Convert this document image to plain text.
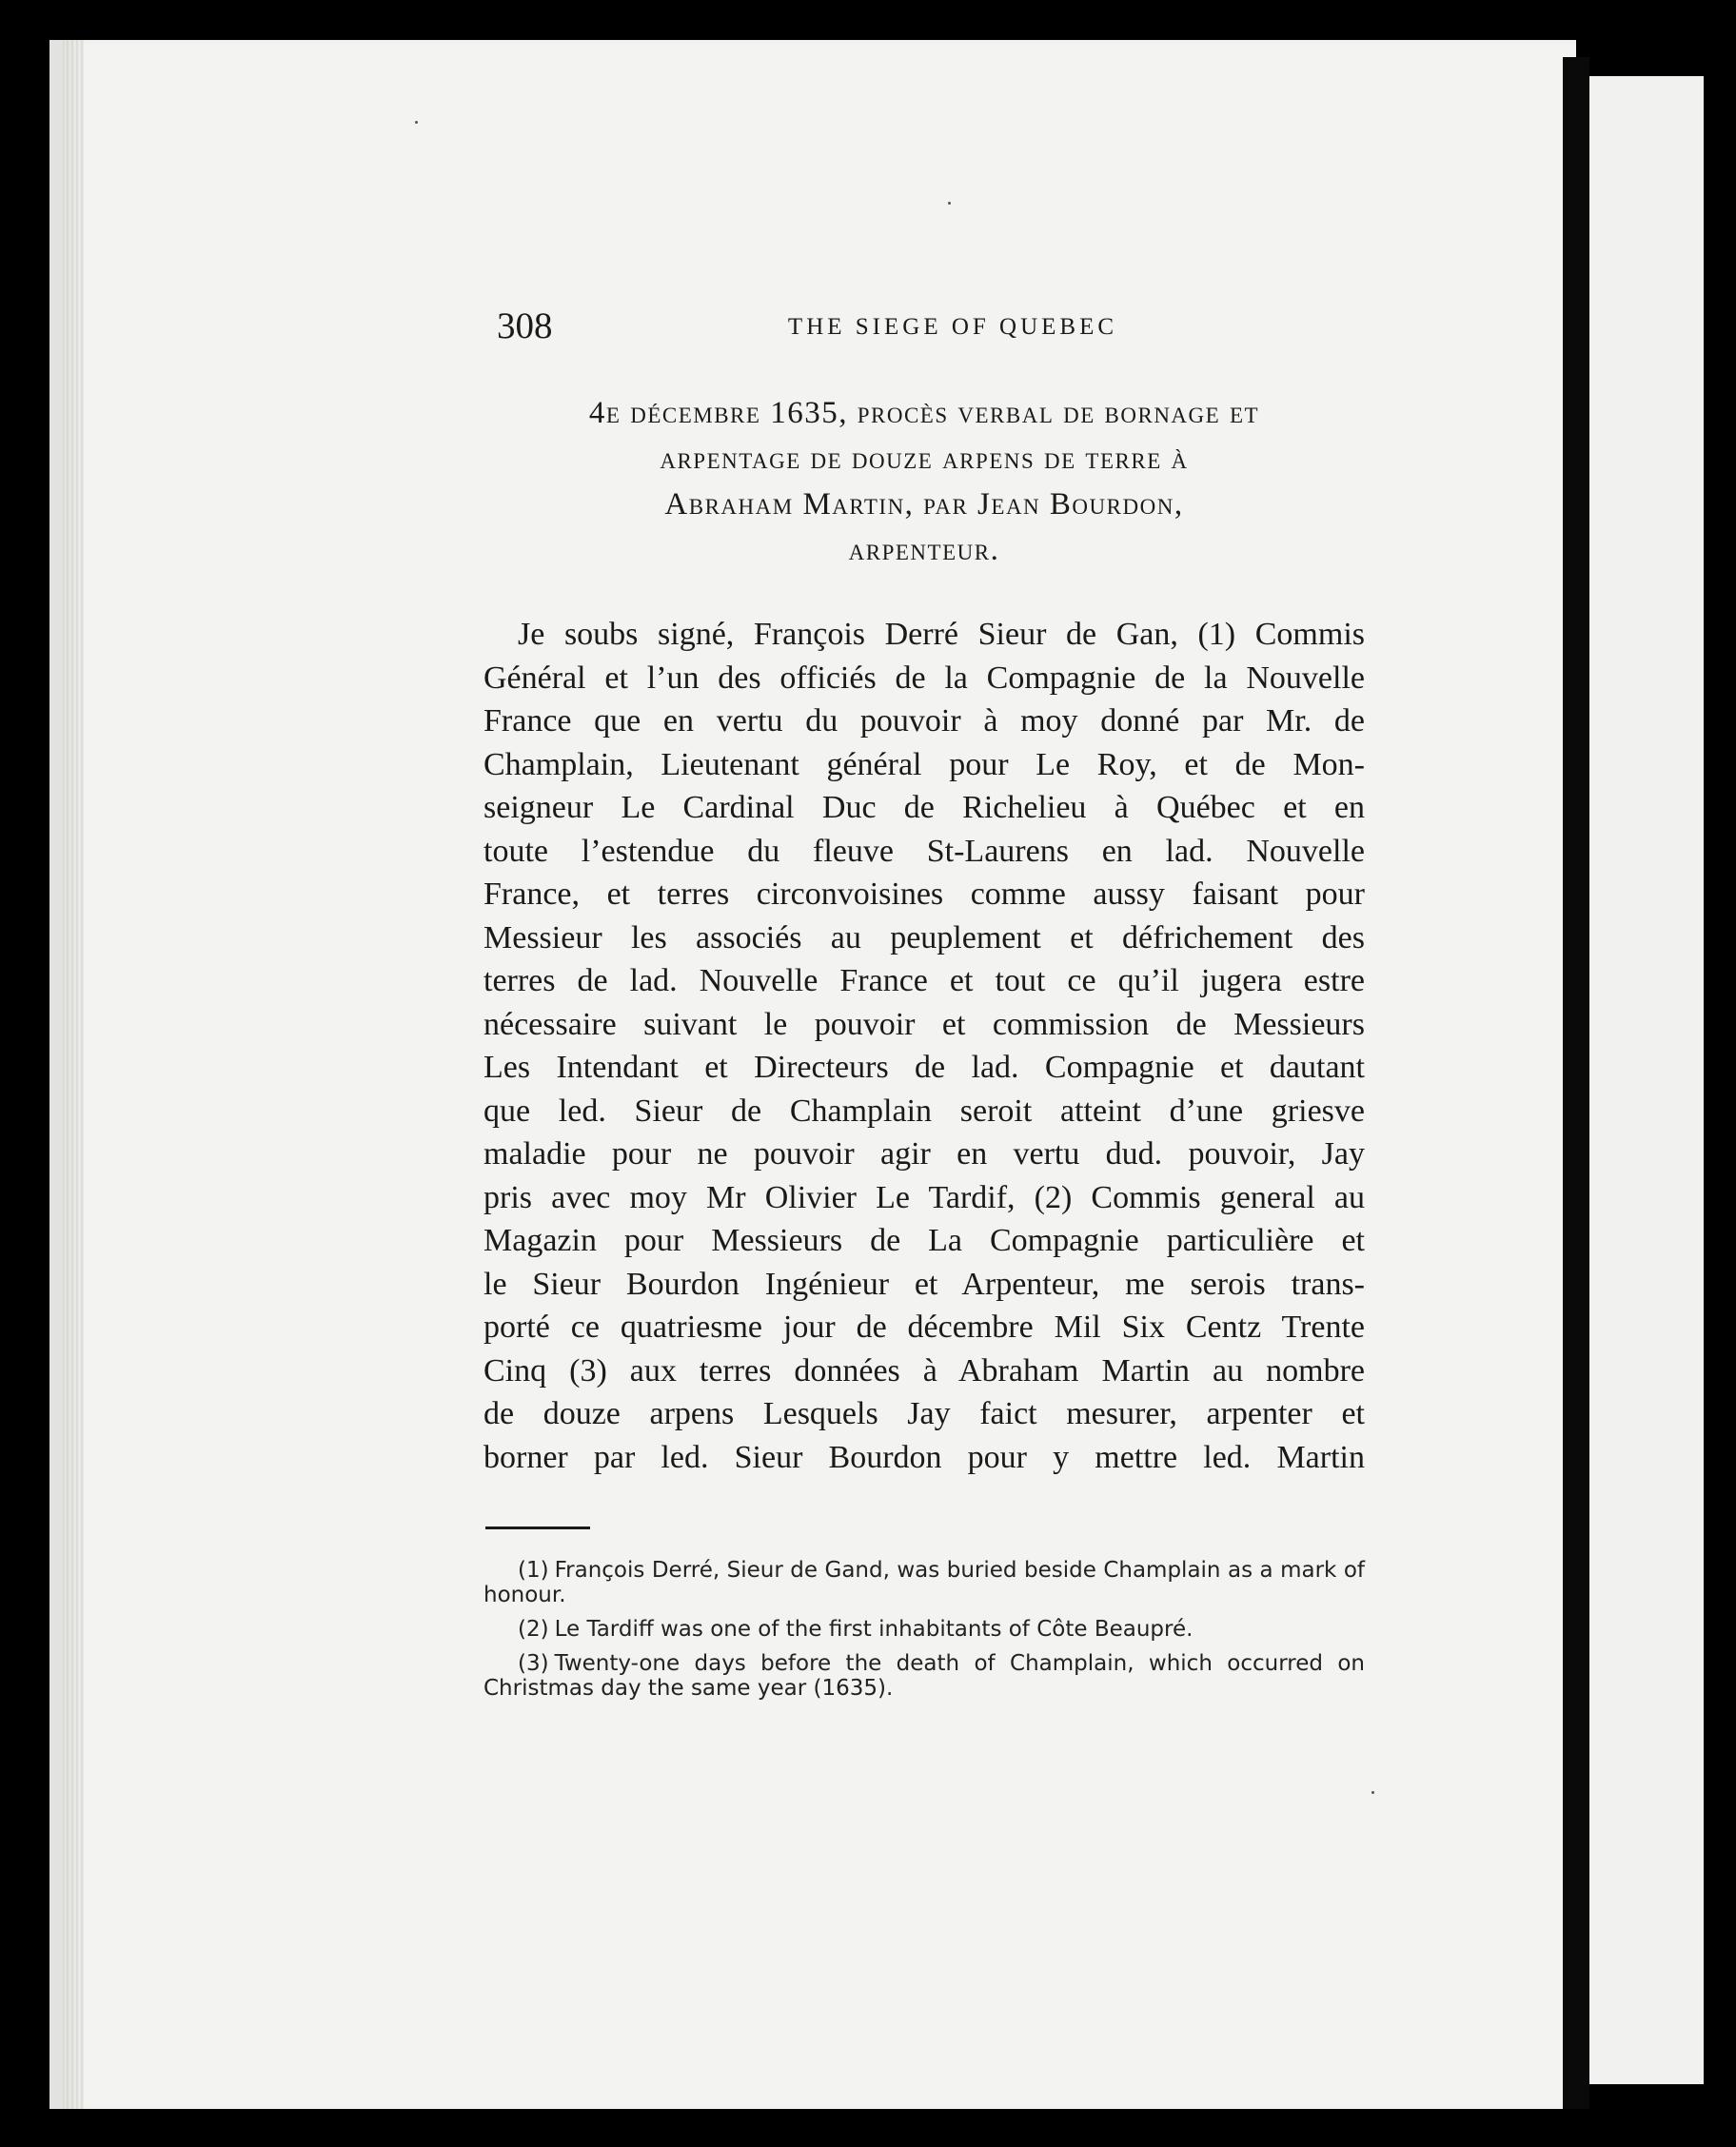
308	THE SIEGE OF QUEBEC
4e décembre 1635, procès verbal de bornage et
arpentage de douze arpens de terre à
Abraham Martin, par Jean Bourdon,
arpenteur.
Je soubs signé, François Derré Sieur de Gan, (1) Commis
Général et l’un des officiés de la Compagnie de la Nouvelle
France que en vertu du pouvoir à moy donné par Mr. de
Champlain, Lieutenant général pour Le Roy, et de Mon-
seigneur Le Cardinal Duc de Richelieu à Québec et en
toute l’estendue du fleuve St-Laurens en lad. Nouvelle
France, et terres circonvoisines comme aussy faisant pour
Messieur les associés au peuplement et défrichement des
terres de lad. Nouvelle France et tout ce qu’il jugera estre
nécessaire suivant le pouvoir et commission de Messieurs
Les Intendant et Directeurs de lad. Compagnie et dautant
que led. Sieur de Champlain seroit atteint d’une griesve
maladie pour ne pouvoir agir en vertu dud. pouvoir, Jay
pris avec moy Mr Olivier Le Tardif, (2) Commis general au
Magazin pour Messieurs de La Compagnie particulière et
le Sieur Bourdon Ingénieur et Arpenteur, me serois trans-
porté ce quatriesme jour de décembre Mil Six Centz Trente
Cinq (3) aux terres données à Abraham Martin au nombre
de douze arpens Lesquels Jay faict mesurer, arpenter et
borner par led. Sieur Bourdon pour y mettre led. Martin

(1) François Derré, Sieur de Gand, was buried beside Champlain as a mark of honour.

(2) Le Tardiff was one of the first inhabitants of Côte Beaupré.

(3) Twenty-one days before the death of Champlain, which occurred on Christmas day the same year (1635).
